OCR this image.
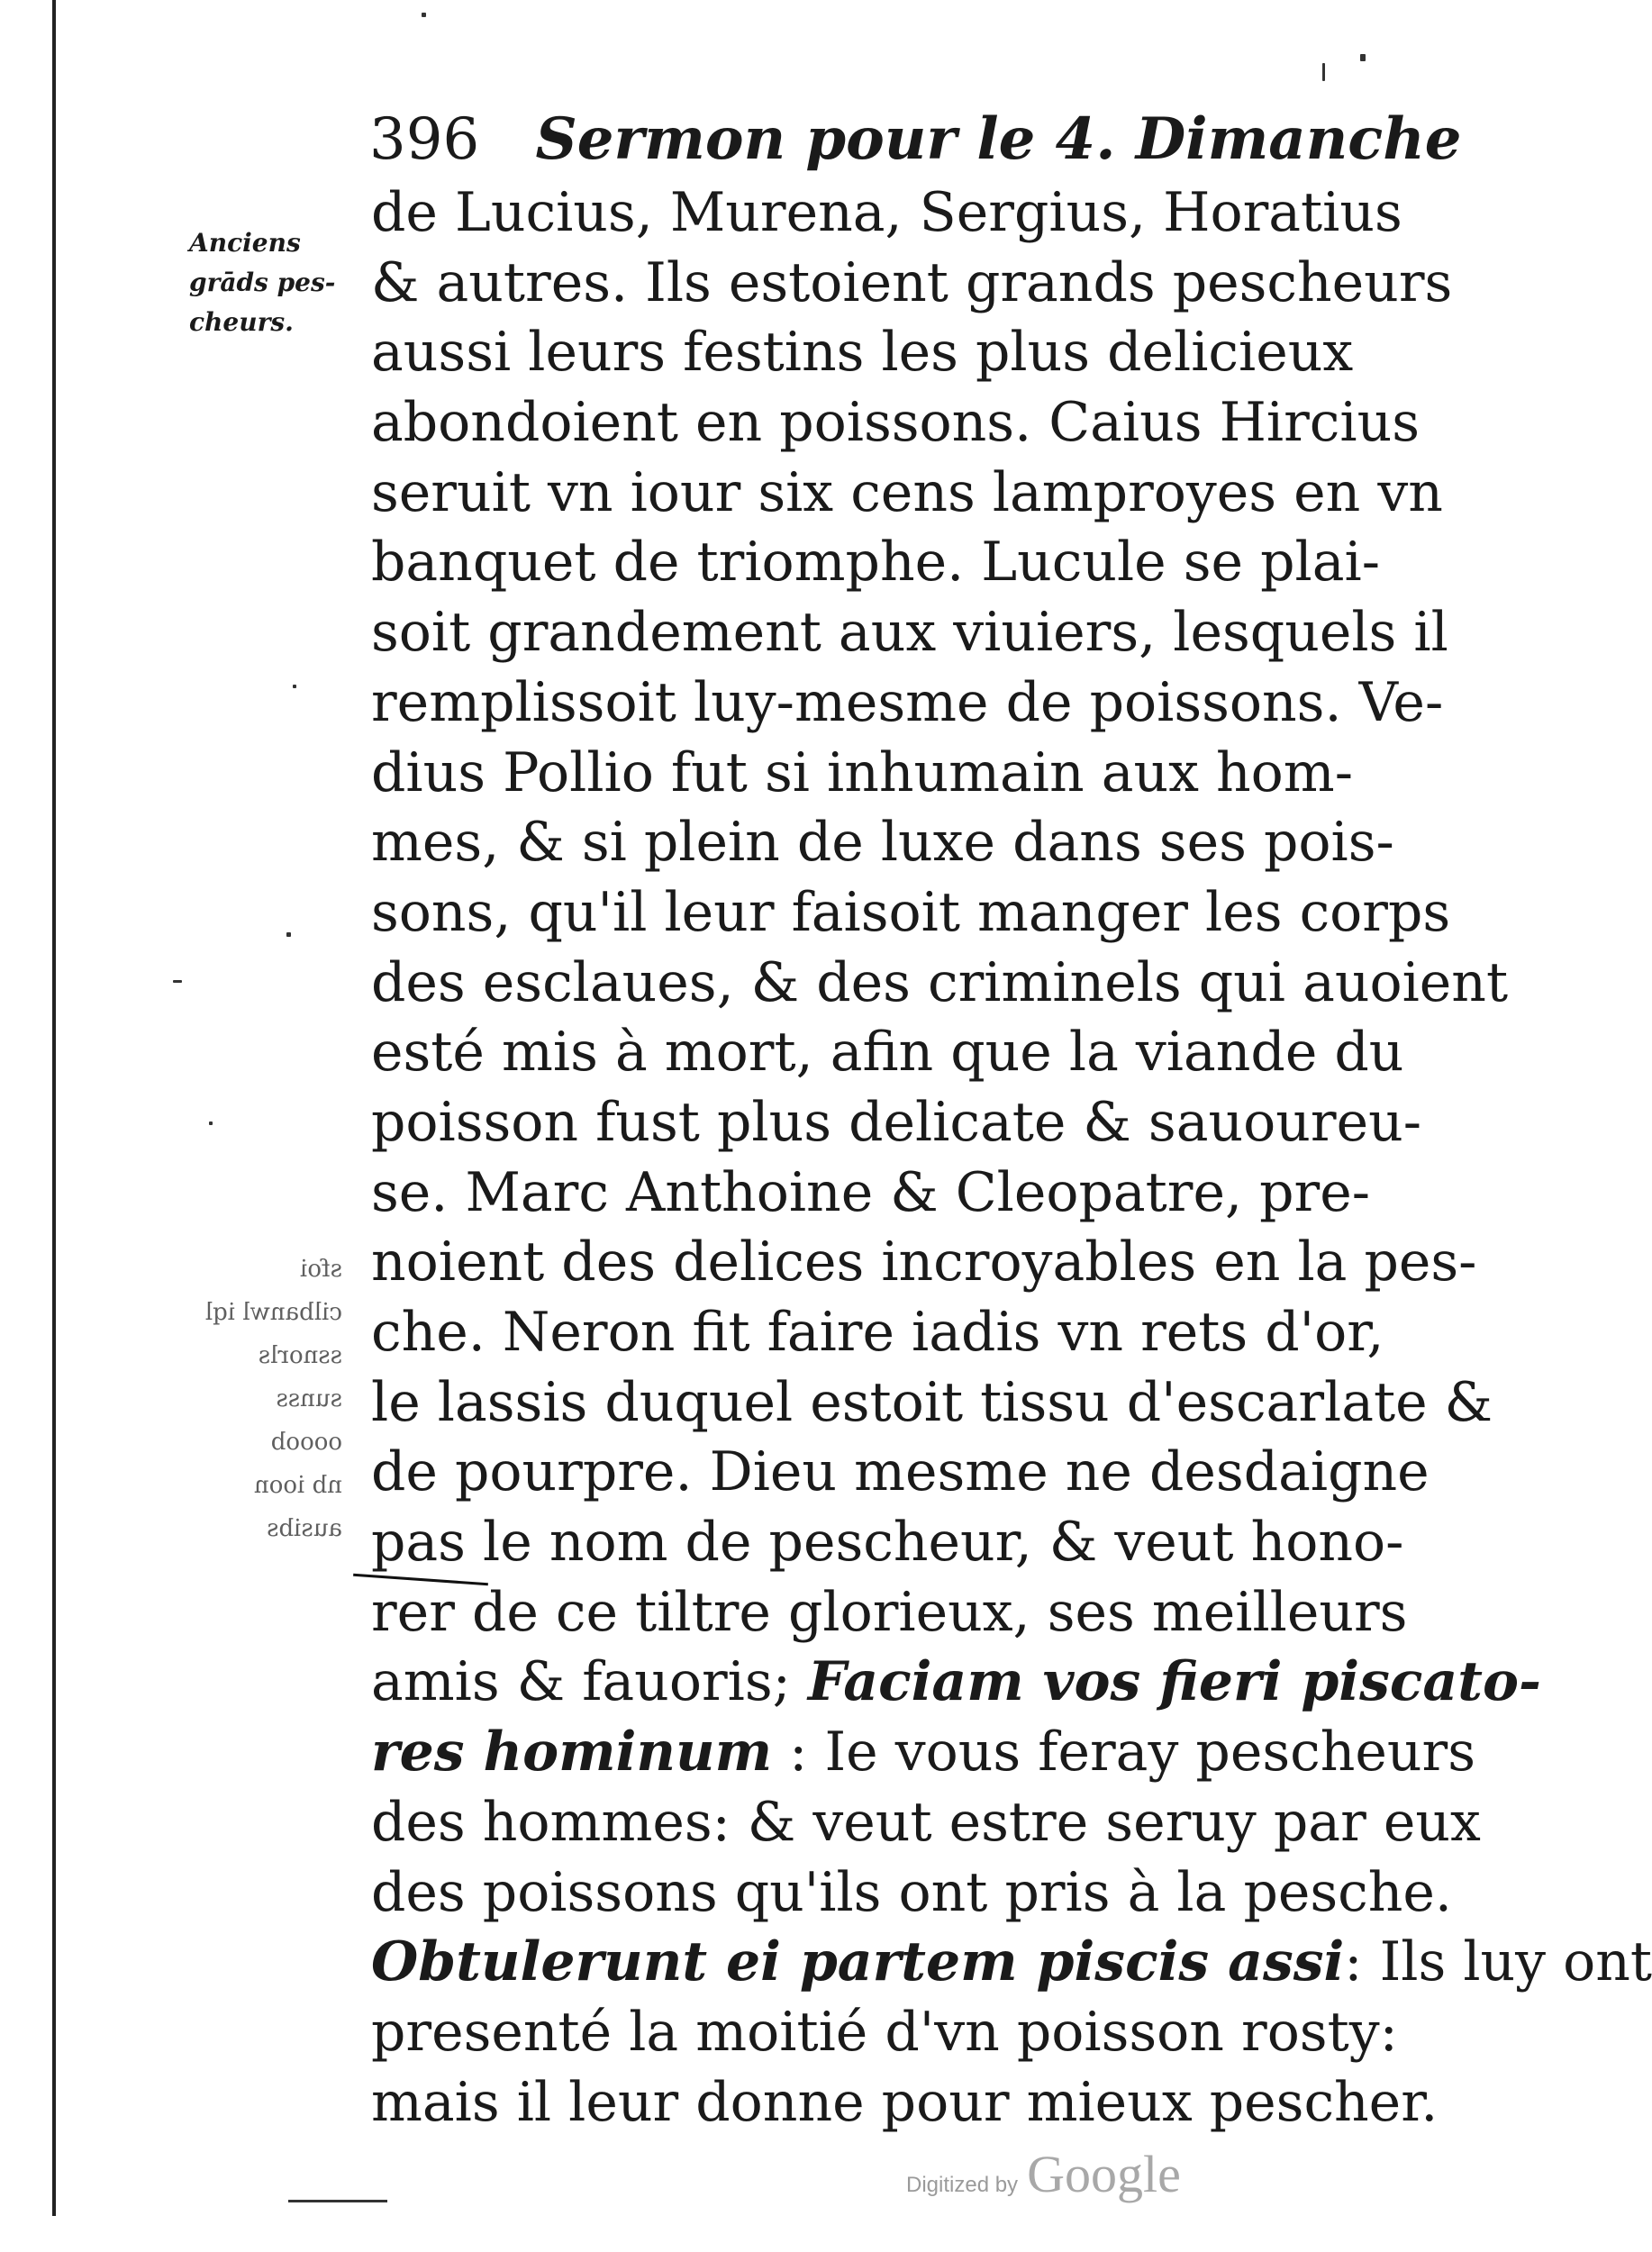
396 Sermon pour le 4. Dimanche
Anciens
grāds pes-
cheurs.
de Lucius, Murena, Sergius, Horatius
& autres. Ils estoient grands pescheurs
aussi leurs festins les plus delicieux
abondoient en poissons. Caius Hircius
seruit vn iour six cens lamproyes en vn
banquet de triomphe. Lucule se plai-
soit grandement aux viuiers, lesquels il
remplissoit luy-mesme de poissons. Ve-
dius Pollio fut si inhumain aux hom-
mes, & si plein de luxe dans ses pois-
sons, qu'il leur faisoit manger les corps
des esclaues, & des criminels qui auoient
esté mis à mort, afin que la viande du
poisson fust plus delicate & sauoureu-
se. Marc Anthoine & Cleopatre, pre-
noient des delices incroyables en la pes-
che. Neron fit faire iadis vn rets d'or,
le lassis duquel estoit tissu d'escarlate &
de pourpre. Dieu mesme ne desdaigne
pas le nom de pescheur, & veut hono-
rer de ce tiltre glorieux, ses meilleurs
amis & fauoris; Faciam vos fieri piscato-
res hominum : Ie vous feray pescheurs
des hommes: & veut estre seruy par eux
des poissons qu'ils ont pris à la pesche.
Obtulerunt ei partem piscis assi: Ils luy ont
presenté la moitié d'vn poisson rosty:
mais il leur donne pour mieux pescher.
sfoi
cilbanwl iql
ssnorls
sunss
oooob
nb ioon
ausibs
Digitized by Google
